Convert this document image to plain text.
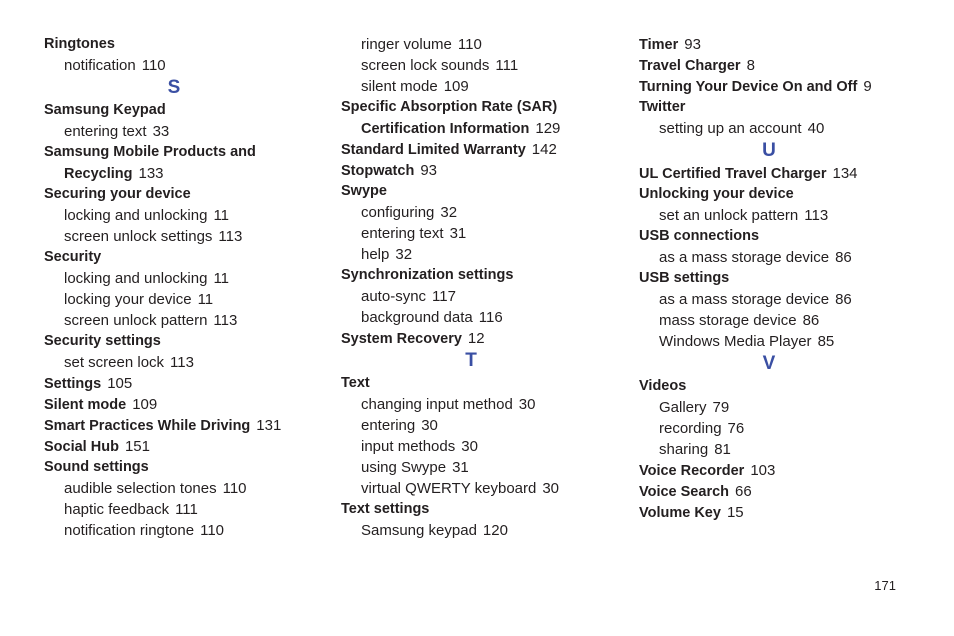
Ringtones
notification 110
S
Samsung Keypad
entering text 33
Samsung Mobile Products and
Recycling 133
Securing your device
locking and unlocking 11
screen unlock settings 113
Security
locking and unlocking 11
locking your device 11
screen unlock pattern 113
Security settings
set screen lock 113
Settings 105
Silent mode 109
Smart Practices While Driving 131
Social Hub 151
Sound settings
audible selection tones 110
haptic feedback 111
notification ringtone 110
ringer volume 110
screen lock sounds 111
silent mode 109
Specific Absorption Rate (SAR)
Certification Information 129
Standard Limited Warranty 142
Stopwatch 93
Swype
configuring 32
entering text 31
help 32
Synchronization settings
auto-sync 117
background data 116
System Recovery 12
T
Text
changing input method 30
entering 30
input methods 30
using Swype 31
virtual QWERTY keyboard 30
Text settings
Samsung keypad 120
Timer 93
Travel Charger 8
Turning Your Device On and Off 9
Twitter
setting up an account 40
U
UL Certified Travel Charger 134
Unlocking your device
set an unlock pattern 113
USB connections
as a mass storage device 86
USB settings
as a mass storage device 86
mass storage device 86
Windows Media Player 85
V
Videos
Gallery 79
recording 76
sharing 81
Voice Recorder 103
Voice Search 66
Volume Key 15
171
